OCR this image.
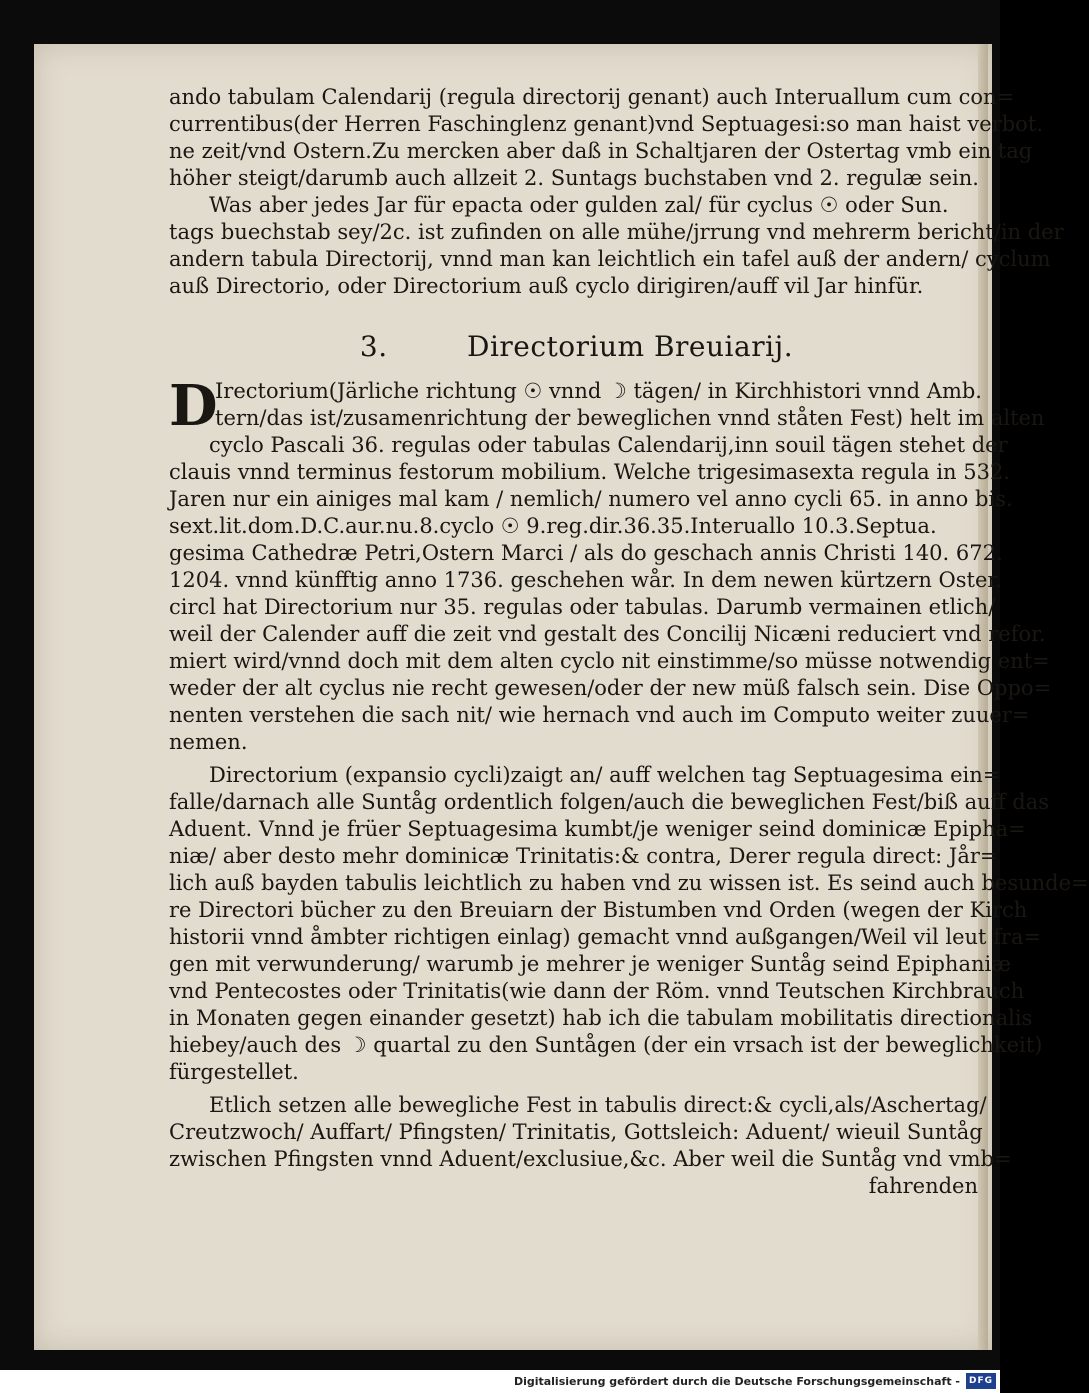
ando tabulam Calendarij (regula directorij genant) auch Interuallum cum con=
currentibus(der Herren Faschinglenz genant)vnd Septuagesi:so man haist verbot.
ne zeit/vnd Ostern.Zu mercken aber daß in Schaltjaren der Ostertag vmb ein tag
höher steigt/darumb auch allzeit 2. Suntags buchstaben vnd 2. regulæ sein.
Was aber jedes Jar für epacta oder gulden zal/ für cyclus ☉ oder Sun.
tags buechstab sey/2c. ist zufinden on alle mühe/jrrung vnd mehrerm bericht/in der
andern tabula Directorij, vnnd man kan leichtlich ein tafel auß der andern/ cyclum
auß Directorio, oder Directorium auß cyclo dirigiren/auff vil Jar hinfür.
3.	Directorium Breuiarij.
D
Irectorium(Järliche richtung ☉ vnnd ☽ tägen/ in Kirchhistori vnnd Amb.
tern/das ist/zusamenrichtung der beweglichen vnnd ståten Fest) helt im alten
cyclo Pascali 36. regulas oder tabulas Calendarij,inn souil tägen stehet der
clauis vnnd terminus festorum mobilium. Welche trigesimasexta regula in 532.
Jaren nur ein ainiges mal kam / nemlich/ numero vel anno cycli 65. in anno bis.
sext.lit.dom.D.C.aur.nu.8.cyclo ☉ 9.reg.dir.36.35.Interuallo 10.3.Septua.
gesima Cathedræ Petri,Ostern Marci / als do geschach annis Christi 140. 672.
1204. vnnd künfftig anno 1736. geschehen wår. In dem newen kürtzern Oster.
circl hat Directorium nur 35. regulas oder tabulas. Darumb vermainen etlich/
weil der Calender auff die zeit vnd gestalt des Concilij Nicæni reduciert vnd refor.
miert wird/vnnd doch mit dem alten cyclo nit einstimme/so müsse notwendig ent=
weder der alt cyclus nie recht gewesen/oder der new müß falsch sein. Dise Oppo=
nenten verstehen die sach nit/ wie hernach vnd auch im Computo weiter zuuer=
nemen.
Directorium (expansio cycli)zaigt an/ auff welchen tag Septuagesima ein=
falle/darnach alle Suntåg ordentlich folgen/auch die beweglichen Fest/biß auff das
Aduent. Vnnd je früer Septuagesima kumbt/je weniger seind dominicæ Epipha=
niæ/ aber desto mehr dominicæ Trinitatis:& contra, Derer regula direct: Jår=
lich auß bayden tabulis leichtlich zu haben vnd zu wissen ist. Es seind auch besunde=
re Directori bücher zu den Breuiarn der Bistumben vnd Orden (wegen der Kirch
historii vnnd åmbter richtigen einlag) gemacht vnnd außgangen/Weil vil leut fra=
gen mit verwunderung/ warumb je mehrer je weniger Suntåg seind Epiphaniæ
vnd Pentecostes oder Trinitatis(wie dann der Röm. vnnd Teutschen Kirchbrauch
in Monaten gegen einander gesetzt) hab ich die tabulam mobilitatis directionalis
hiebey/auch des ☽ quartal zu den Suntågen (der ein vrsach ist der beweglichkeit)
fürgestellet.
Etlich setzen alle bewegliche Fest in tabulis direct:& cycli,als/Aschertag/
Creutzwoch/ Auffart/ Pfingsten/ Trinitatis, Gottsleich: Aduent/ wieuil Suntåg
zwischen Pfingsten vnnd Aduent/exclusiue,&c. Aber weil die Suntåg vnd vmb=
fahrenden
Digitalisierung gefördert durch die Deutsche Forschungsgemeinschaft - DFG
